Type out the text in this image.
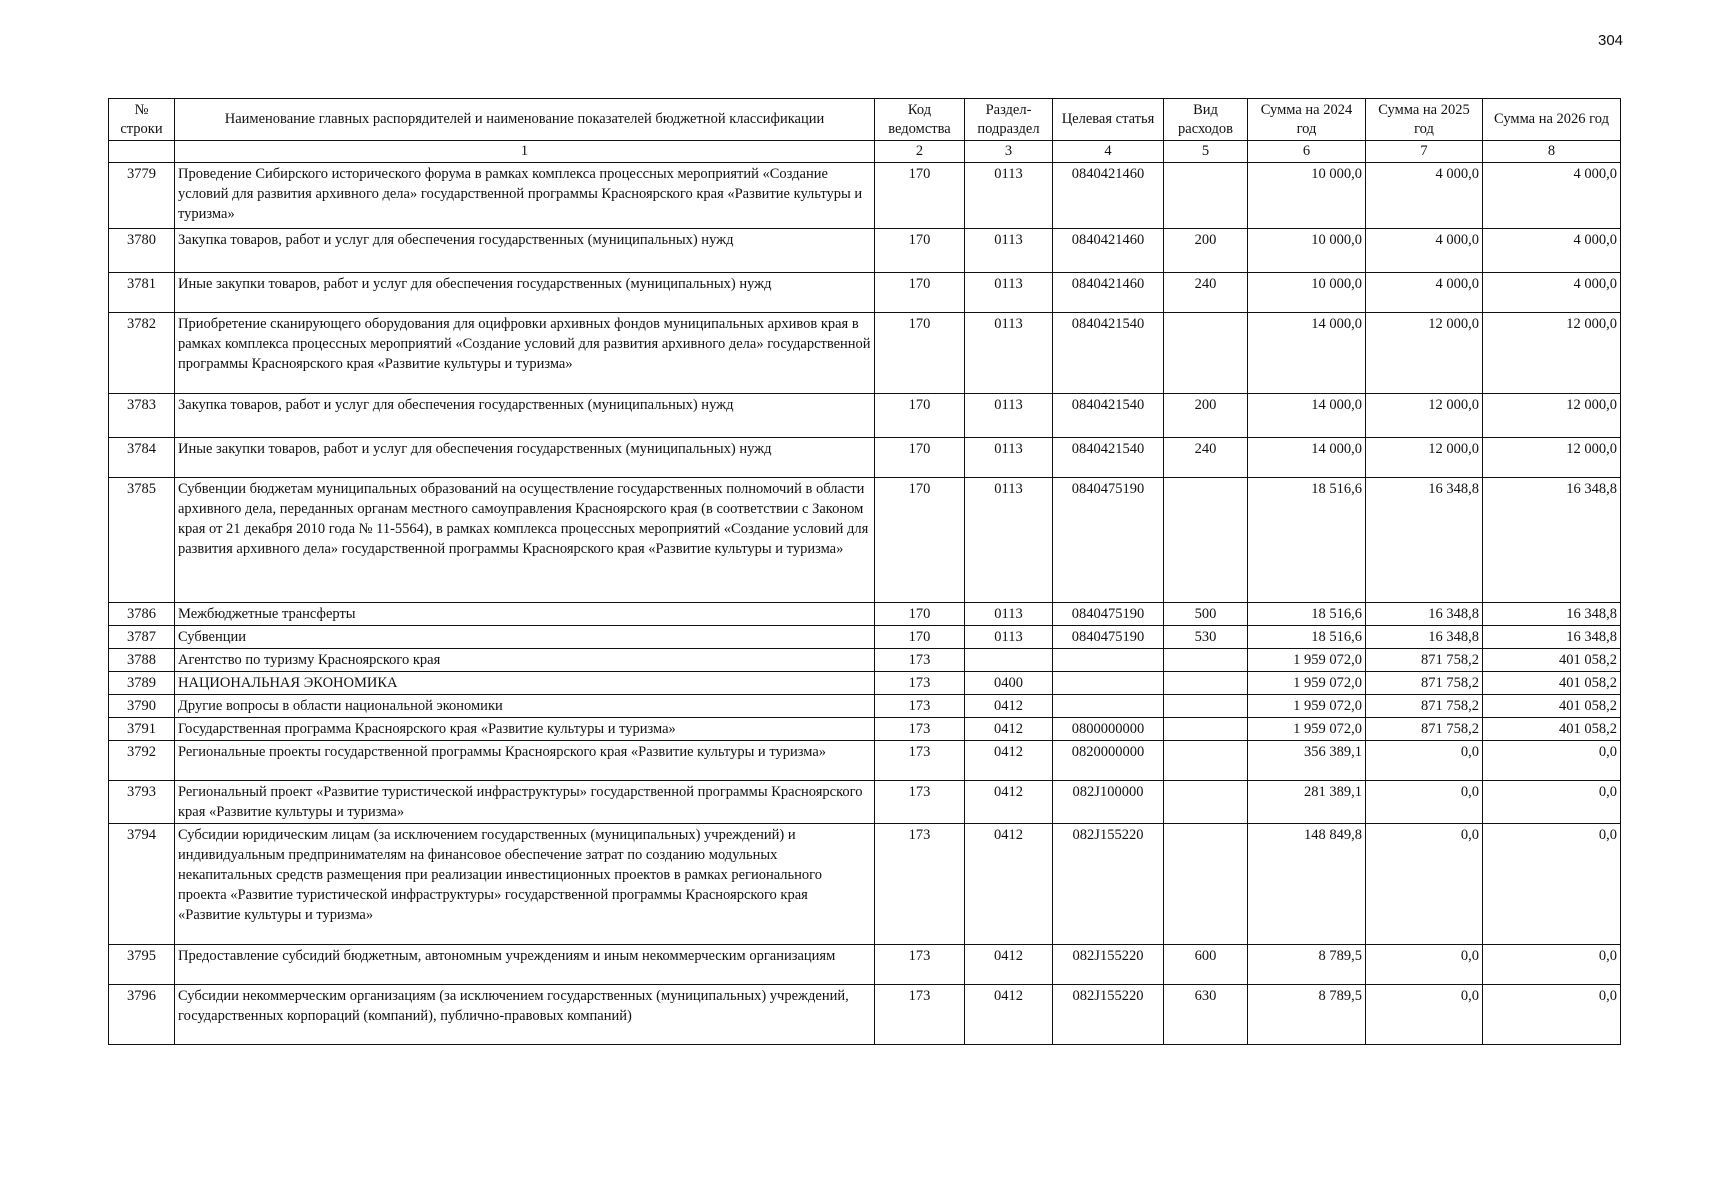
304
№ строки	Наименование главных распорядителей и наименование показателей бюджетной классификации	Код ведомства	Раздел-подраздел	Целевая статья	Вид расходов	Сумма на 2024 год	Сумма на 2025 год	Сумма на 2026 год
	1	2	3	4	5	6	7	8
3779	Проведение Сибирского исторического форума в рамках комплекса процессных мероприятий «Создание условий для развития архивного дела» государственной программы Красноярского края «Развитие культуры и туризма»	170	0113	0840421460		10 000,0	4 000,0	4 000,0
3780	Закупка товаров, работ и услуг для обеспечения государственных (муниципальных) нужд	170	0113	0840421460	200	10 000,0	4 000,0	4 000,0
3781	Иные закупки товаров, работ и услуг для обеспечения государственных (муниципальных) нужд	170	0113	0840421460	240	10 000,0	4 000,0	4 000,0
3782	Приобретение сканирующего оборудования для оцифровки архивных фондов муниципальных архивов края в рамках комплекса процессных мероприятий «Создание условий для развития архивного дела» государственной программы Красноярского края «Развитие культуры и туризма»	170	0113	0840421540		14 000,0	12 000,0	12 000,0
3783	Закупка товаров, работ и услуг для обеспечения государственных (муниципальных) нужд	170	0113	0840421540	200	14 000,0	12 000,0	12 000,0
3784	Иные закупки товаров, работ и услуг для обеспечения государственных (муниципальных) нужд	170	0113	0840421540	240	14 000,0	12 000,0	12 000,0
3785	Субвенции бюджетам муниципальных образований на осуществление государственных полномочий в области архивного дела, переданных органам местного самоуправления Красноярского края (в соответствии с Законом края от 21 декабря 2010 года № 11-5564), в рамках комплекса процессных мероприятий «Создание условий для развития архивного дела» государственной программы Красноярского края «Развитие культуры и туризма»	170	0113	0840475190		18 516,6	16 348,8	16 348,8
3786	Межбюджетные трансферты	170	0113	0840475190	500	18 516,6	16 348,8	16 348,8
3787	Субвенции	170	0113	0840475190	530	18 516,6	16 348,8	16 348,8
3788	Агентство по туризму Красноярского края	173				1 959 072,0	871 758,2	401 058,2
3789	НАЦИОНАЛЬНАЯ ЭКОНОМИКА	173	0400			1 959 072,0	871 758,2	401 058,2
3790	Другие вопросы в области национальной экономики	173	0412			1 959 072,0	871 758,2	401 058,2
3791	Государственная программа Красноярского края «Развитие культуры и туризма»	173	0412	0800000000		1 959 072,0	871 758,2	401 058,2
3792	Региональные проекты государственной программы Красноярского края «Развитие культуры и туризма»	173	0412	0820000000		356 389,1	0,0	0,0
3793	Региональный проект «Развитие туристической инфраструктуры» государственной программы Красноярского края «Развитие культуры и туризма»	173	0412	082J100000		281 389,1	0,0	0,0
3794	Субсидии юридическим лицам (за исключением государственных (муниципальных) учреждений) и индивидуальным предпринимателям на финансовое обеспечение затрат по созданию модульных некапитальных средств размещения при реализации инвестиционных проектов в рамках регионального проекта «Развитие туристической инфраструктуры» государственной программы Красноярского края «Развитие культуры и туризма»	173	0412	082J155220		148 849,8	0,0	0,0
3795	Предоставление субсидий бюджетным, автономным учреждениям и иным некоммерческим организациям	173	0412	082J155220	600	8 789,5	0,0	0,0
3796	Субсидии некоммерческим организациям (за исключением государственных (муниципальных) учреждений, государственных корпораций (компаний), публично-правовых компаний)	173	0412	082J155220	630	8 789,5	0,0	0,0
